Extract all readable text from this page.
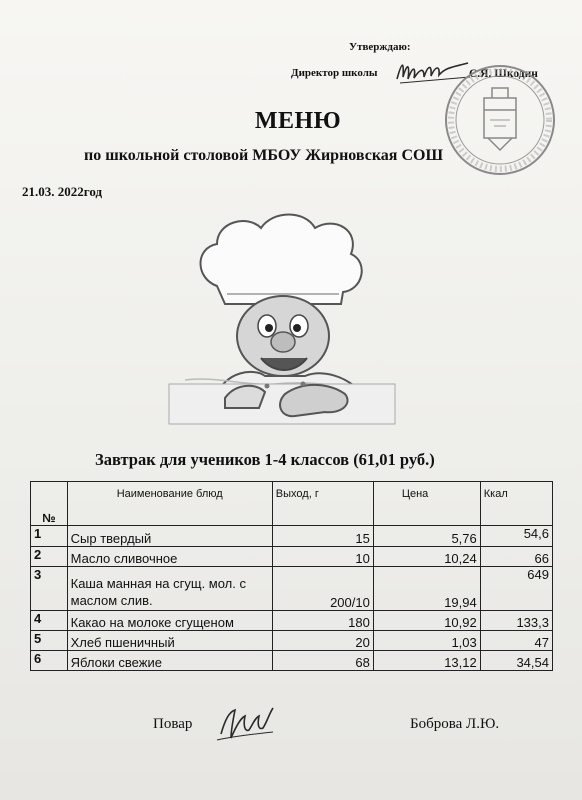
Утверждаю:
Директор школы	С.Я. Шкодин
МЕНЮ
по школьной столовой МБОУ Жирновская СОШ
21.03. 2022год
Завтрак для учеников 1-4 классов (61,01 руб.)
№	Наименование блюд	Выход, г	Цена	Ккал
1	Сыр твердый	15	5,76	54,6
2	Масло сливочное	10	10,24	66
3	Каша манная на сгущ. мол. с маслом слив.	200/10	19,94	649
4	Какао на молоке сгущеном	180	10,92	133,3
5	Хлеб пшеничный	20	1,03	47
6	Яблоки свежие	68	13,12	34,54
Повар	Боброва Л.Ю.
